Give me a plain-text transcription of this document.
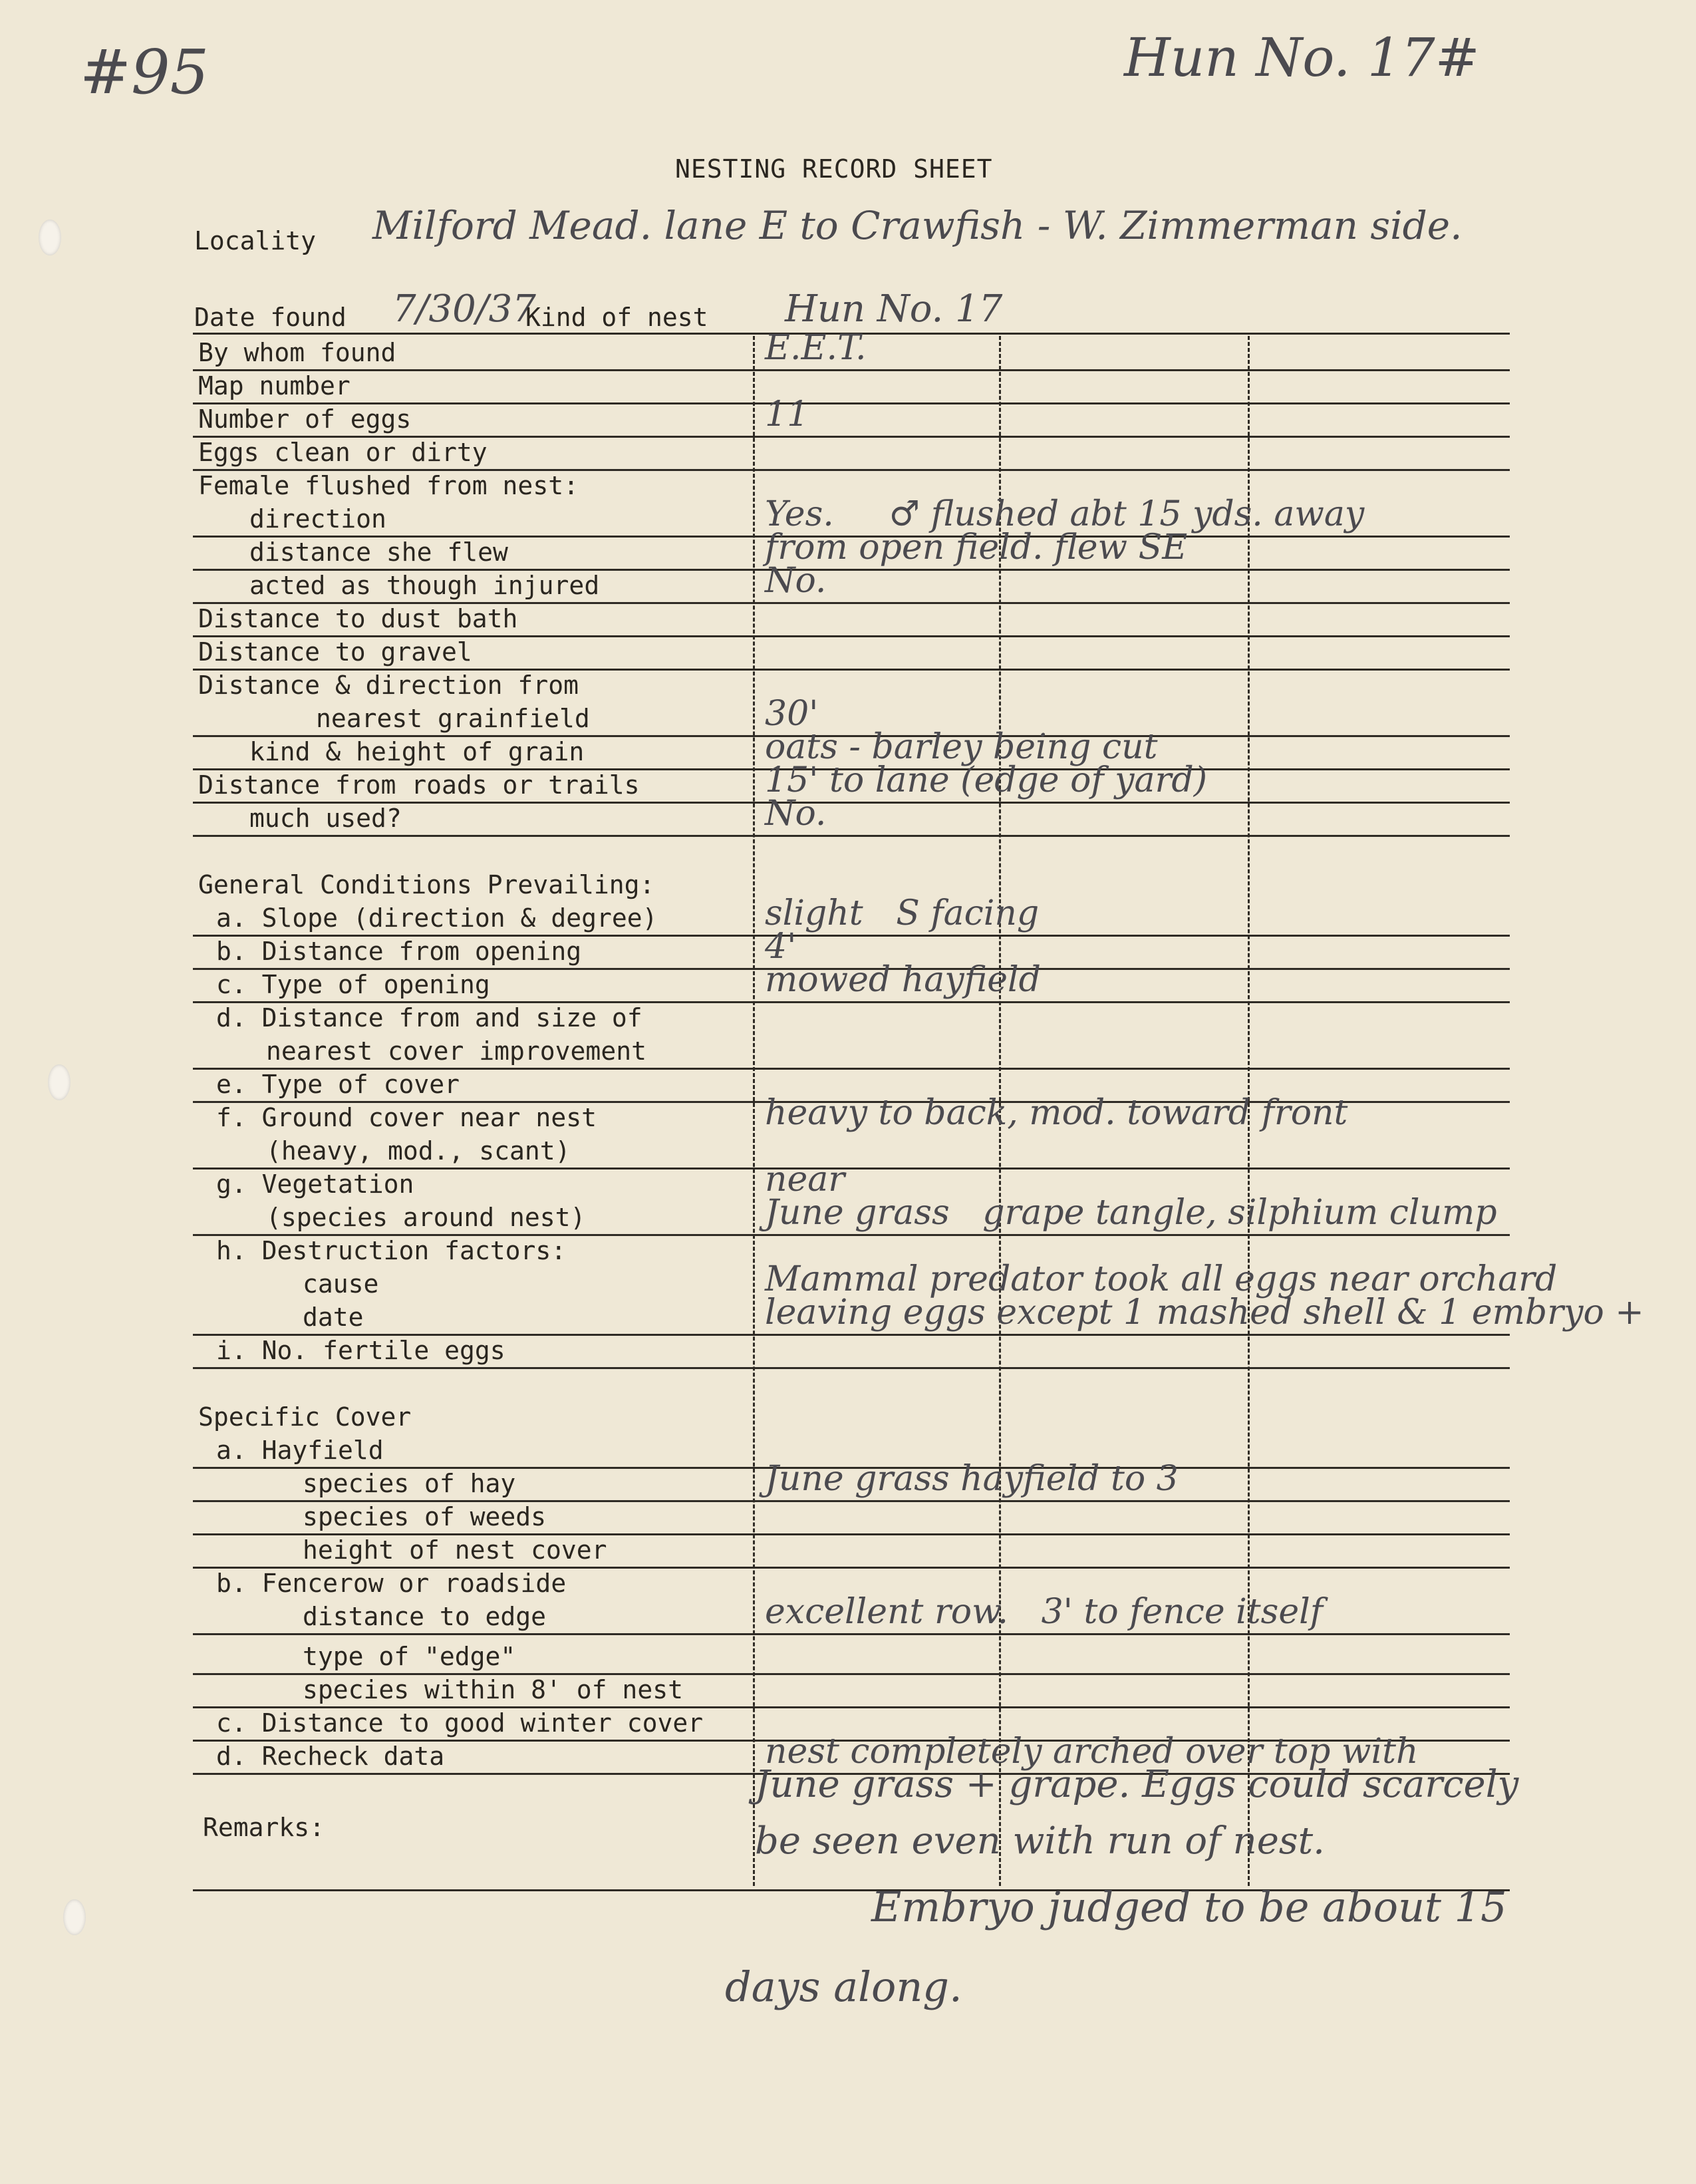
#95	Hun No. 17#
NESTING RECORD SHEET
Locality Milford Mead. lane E to Crawfish - W. Zimmerman side.
Date found 7/30/37
Kind of nest Hun No. 17
By whom found	E.E.T.
Map number
Number of eggs	11
Eggs clean or dirty
Female flushed from nest:
direction	Yes.     ♂ flushed abt 15 yds. away
distance she flew	from open field. flew SE
acted as though injured	No.
Distance to dust bath
Distance to gravel
Distance & direction from
nearest grainfield	30'
kind & height of grain	oats - barley being cut
Distance from roads or trails	15' to lane (edge of yard)
much used?	No.
General Conditions Prevailing:
a. Slope (direction & degree)	slight   S facing
b. Distance from opening	4'
c. Type of opening	mowed hayfield
d. Distance from and size of
nearest cover improvement
e. Type of cover
f. Ground cover near nest	heavy to back, mod. toward front
(heavy, mod., scant)
g. Vegetation	near
(species around nest)	June grass   grape tangle, silphium clump
h. Destruction factors:
cause	Mammal predator took all eggs near orchard
date	leaving eggs except 1 mashed shell & 1 embryo +
i. No. fertile eggs
Specific Cover
a. Hayfield
species of hay	June grass hayfield to 3
species of weeds
height of nest cover
b. Fencerow or roadside
distance to edge	excellent row.   3' to fence itself
type of "edge"
species within 8' of nest
c. Distance to good winter cover
d. Recheck data	nest completely arched over top with
Remarks:
June grass + grape. Eggs could scarcely
be seen even with run of nest.
Embryo judged to be about 15
days along.
